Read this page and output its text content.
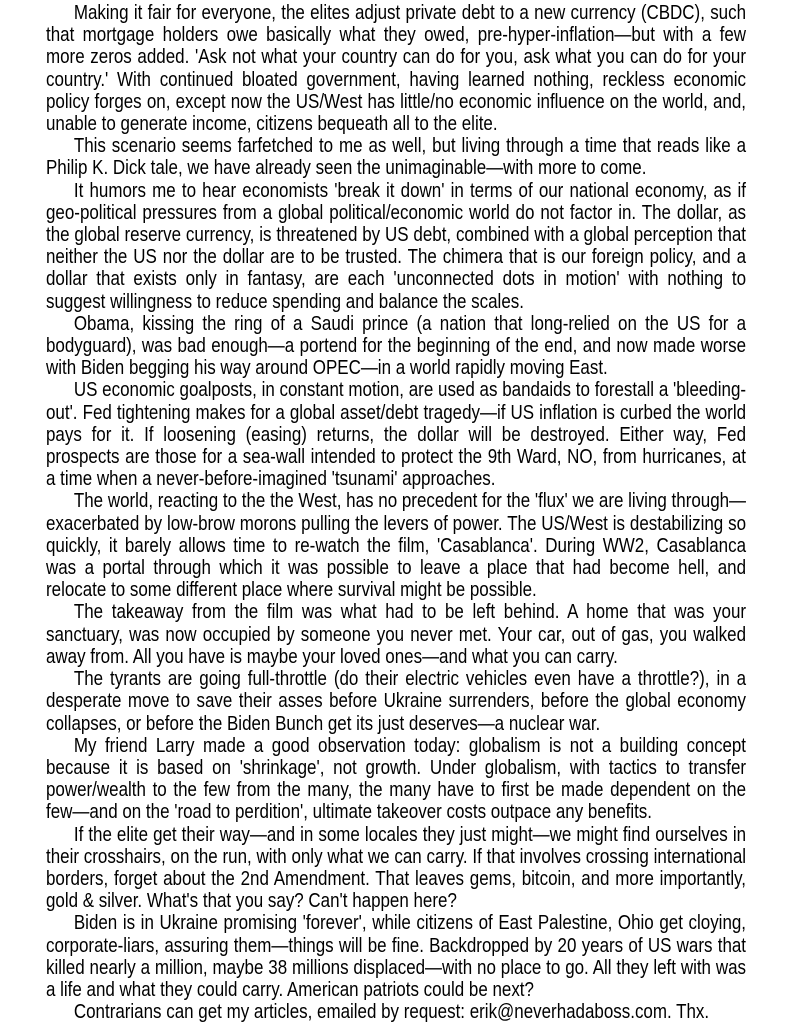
Making it fair for everyone, the elites adjust private debt to a new currency (CBDC), such that mortgage holders owe basically what they owed, pre-hyper-inflation—but with a few more zeros added. 'Ask not what your country can do for you, ask what you can do for your country.' With continued bloated government, having learned nothing, reckless economic policy forges on, except now the US/West has little/no economic influence on the world, and, unable to generate income, citizens bequeath all to the elite.

This scenario seems farfetched to me as well, but living through a time that reads like a Philip K. Dick tale, we have already seen the unimaginable—with more to come.

It humors me to hear economists 'break it down' in terms of our national economy, as if geo-political pressures from a global political/economic world do not factor in. The dollar, as the global reserve currency, is threatened by US debt, combined with a global perception that neither the US nor the dollar are to be trusted. The chimera that is our foreign policy, and a dollar that exists only in fantasy, are each 'unconnected dots in motion' with nothing to suggest willingness to reduce spending and balance the scales.

Obama, kissing the ring of a Saudi prince (a nation that long-relied on the US for a bodyguard), was bad enough—a portend for the beginning of the end, and now made worse with Biden begging his way around OPEC—in a world rapidly moving East.

US economic goalposts, in constant motion, are used as bandaids to forestall a 'bleeding-out'. Fed tightening makes for a global asset/debt tragedy—if US inflation is curbed the world pays for it. If loosening (easing) returns, the dollar will be destroyed. Either way, Fed prospects are those for a sea-wall intended to protect the 9th Ward, NO, from hurricanes, at a time when a never-before-imagined 'tsunami' approaches.

The world, reacting to the the West, has no precedent for the 'flux' we are living through—exacerbated by low-brow morons pulling the levers of power. The US/West is destabilizing so quickly, it barely allows time to re-watch the film, 'Casablanca'. During WW2, Casablanca was a portal through which it was possible to leave a place that had become hell, and relocate to some different place where survival might be possible.

The takeaway from the film was what had to be left behind. A home that was your sanctuary, was now occupied by someone you never met. Your car, out of gas, you walked away from. All you have is maybe your loved ones—and what you can carry.

The tyrants are going full-throttle (do their electric vehicles even have a throttle?), in a desperate move to save their asses before Ukraine surrenders, before the global economy collapses, or before the Biden Bunch get its just deserves—a nuclear war.

My friend Larry made a good observation today: globalism is not a building concept because it is based on 'shrinkage', not growth. Under globalism, with tactics to transfer power/wealth to the few from the many, the many have to first be made dependent on the few—and on the 'road to perdition', ultimate takeover costs outpace any benefits.

If the elite get their way—and in some locales they just might—we might find ourselves in their crosshairs, on the run, with only what we can carry. If that involves crossing international borders, forget about the 2nd Amendment. That leaves gems, bitcoin, and more importantly, gold & silver. What's that you say? Can't happen here?

Biden is in Ukraine promising 'forever', while citizens of East Palestine, Ohio get cloying, corporate-liars, assuring them—things will be fine. Backdropped by 20 years of US wars that killed nearly a million, maybe 38 millions displaced—with no place to go. All they left with was a life and what they could carry. American patriots could be next?

Contrarians can get my articles, emailed by request: erik@neverhadaboss.com. Thx.
